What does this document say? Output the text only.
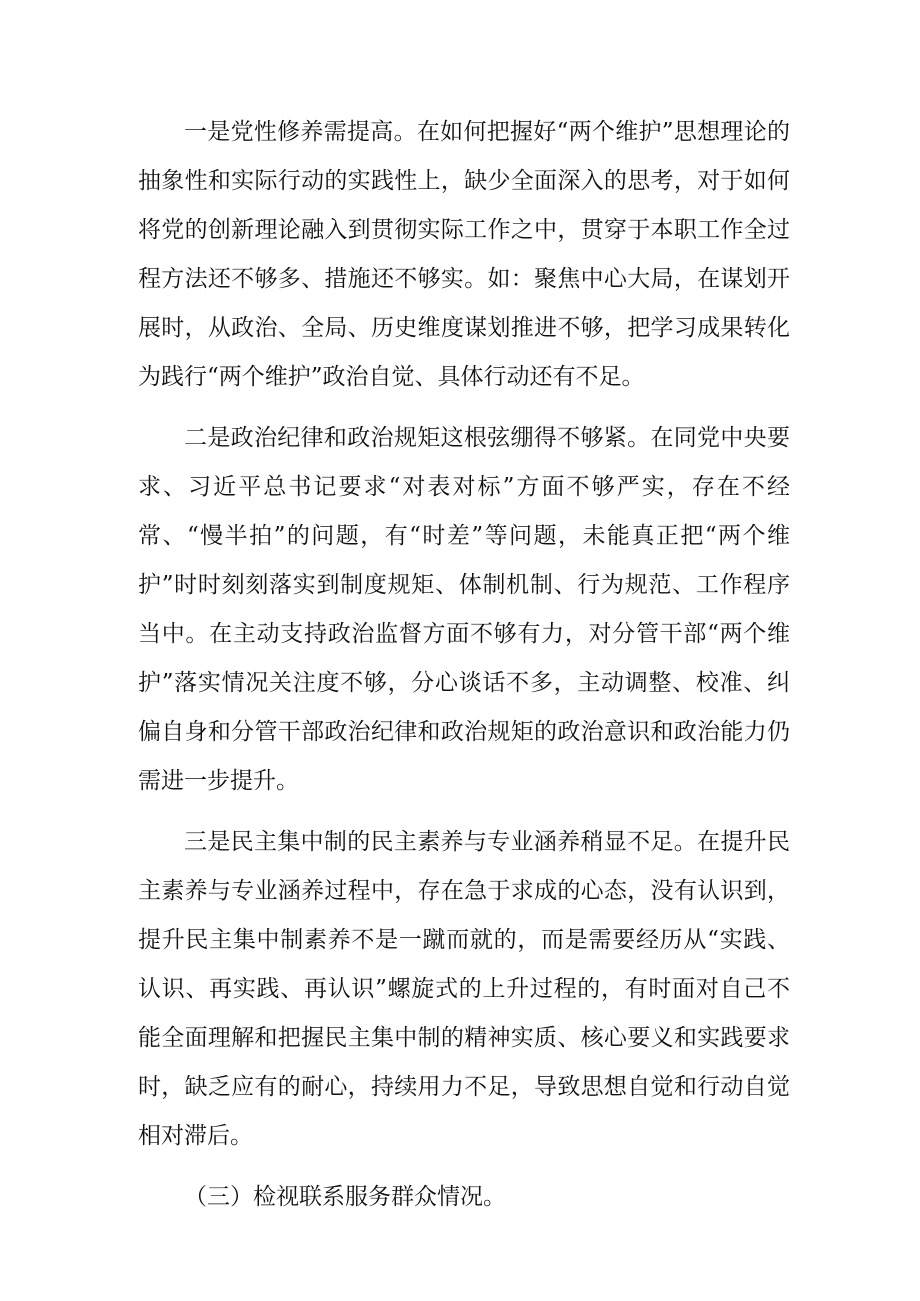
一是党性修养需提高。在如何把握好“两个维护”思想理论的抽象性和实际行动的实践性上，缺少全面深入的思考，对于如何将党的创新理论融入到贯彻实际工作之中，贯穿于本职工作全过程方法还不够多、措施还不够实。如：聚焦中心大局，在谋划开展时，从政治、全局、历史维度谋划推进不够，把学习成果转化为践行“两个维护”政治自觉、具体行动还有不足。

二是政治纪律和政治规矩这根弦绷得不够紧。在同党中央要求、习近平总书记要求“对表对标”方面不够严实，存在不经常、“慢半拍”的问题，有“时差”等问题，未能真正把“两个维护”时时刻刻落实到制度规矩、体制机制、行为规范、工作程序当中。在主动支持政治监督方面不够有力，对分管干部“两个维护”落实情况关注度不够，分心谈话不多，主动调整、校准、纠偏自身和分管干部政治纪律和政治规矩的政治意识和政治能力仍需进一步提升。

三是民主集中制的民主素养与专业涵养稍显不足。在提升民主素养与专业涵养过程中，存在急于求成的心态，没有认识到，提升民主集中制素养不是一蹴而就的，而是需要经历从“实践、认识、再实践、再认识”螺旋式的上升过程的，有时面对自己不能全面理解和把握民主集中制的精神实质、核心要义和实践要求时，缺乏应有的耐心，持续用力不足，导致思想自觉和行动自觉相对滞后。

（三）检视联系服务群众情况。
